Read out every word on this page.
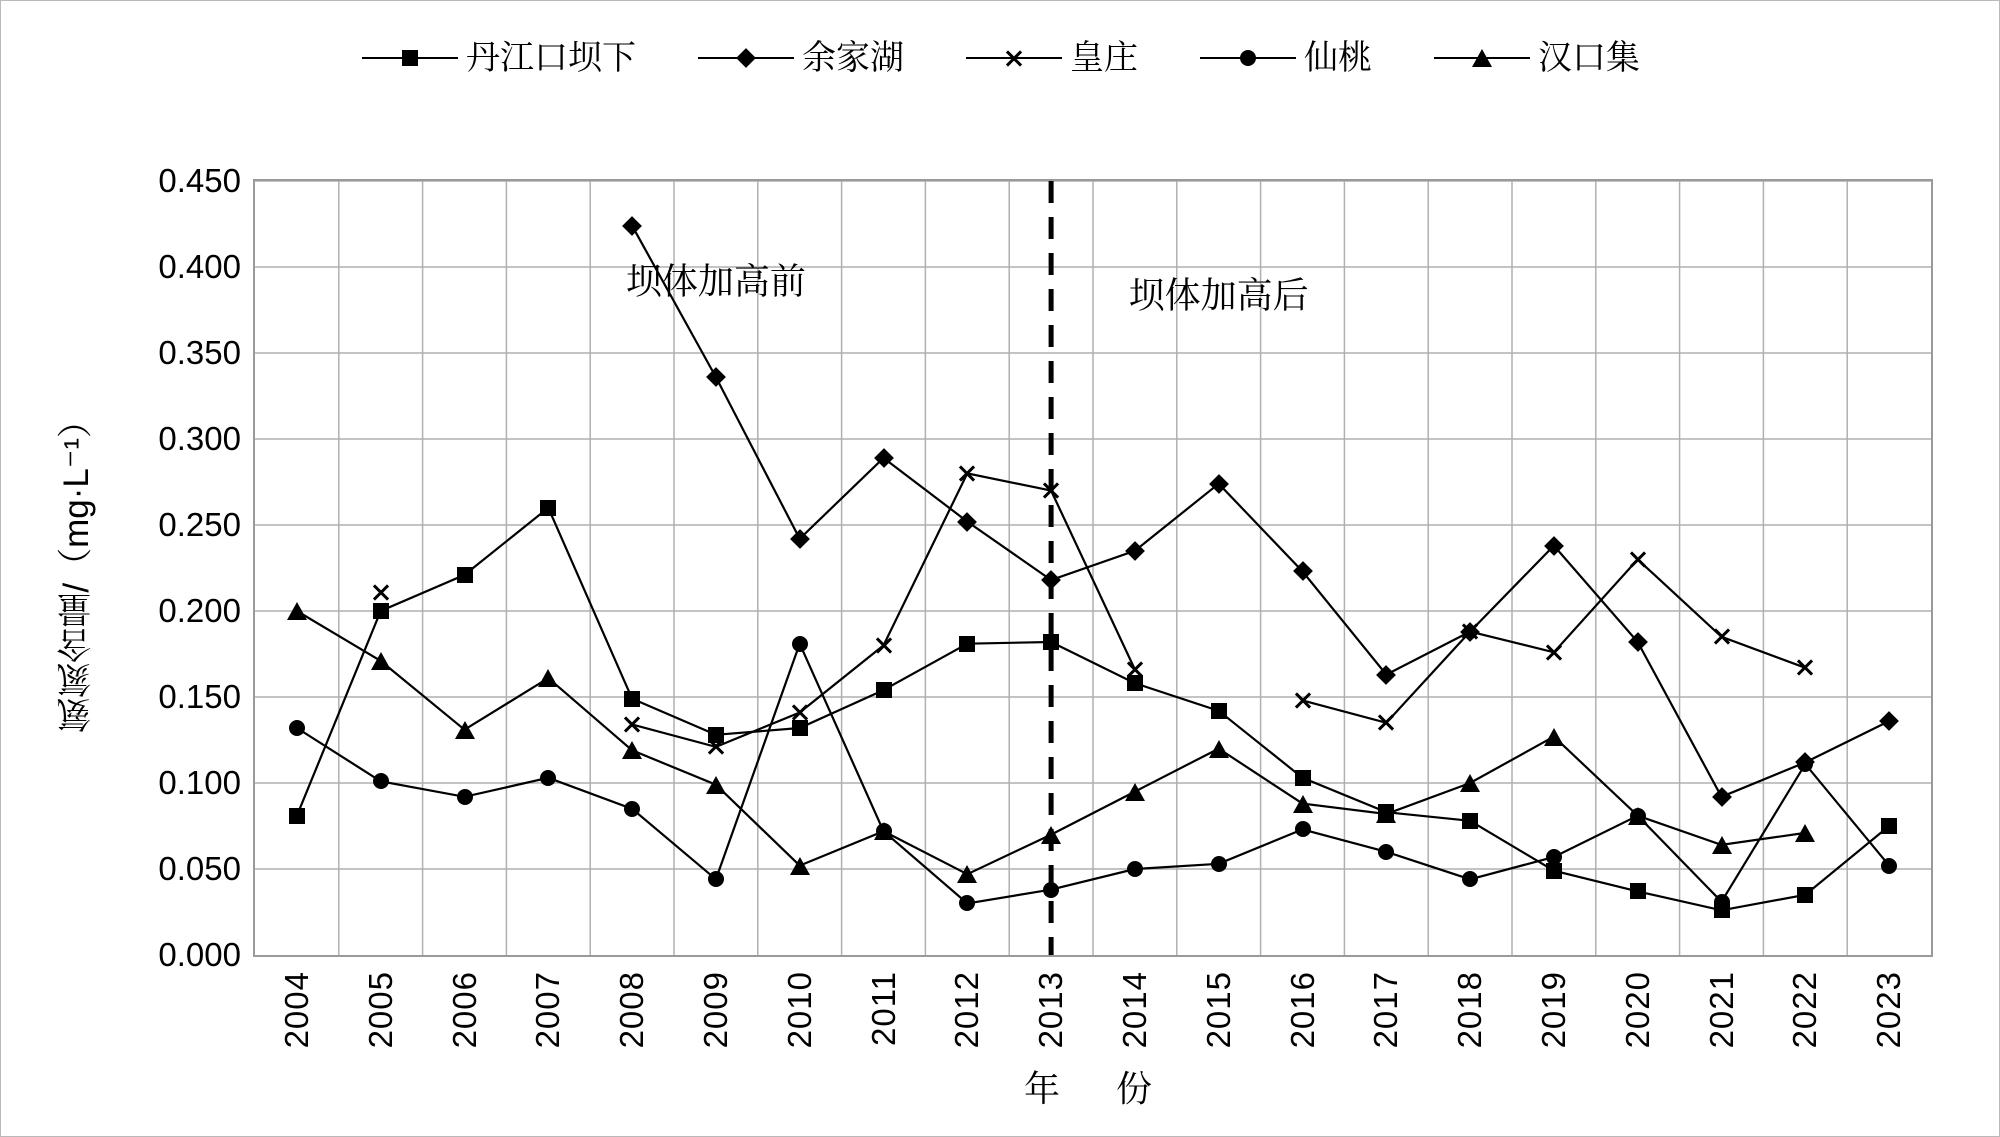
丹江口坝下	余家湖	皇庄	仙桃	汉口集
氨氮含量/（mg·L⁻¹）
0.000
0.050
0.100
0.150
0.200
0.250
0.300
0.350
0.400
0.450
2004 2005 2006 2007 2008 2009 2010 2011 2012 2013 2014 2015 2016 2017 2018 2019 2020 2021 2022 2023
坝体加高前	坝体加高后
年　份
